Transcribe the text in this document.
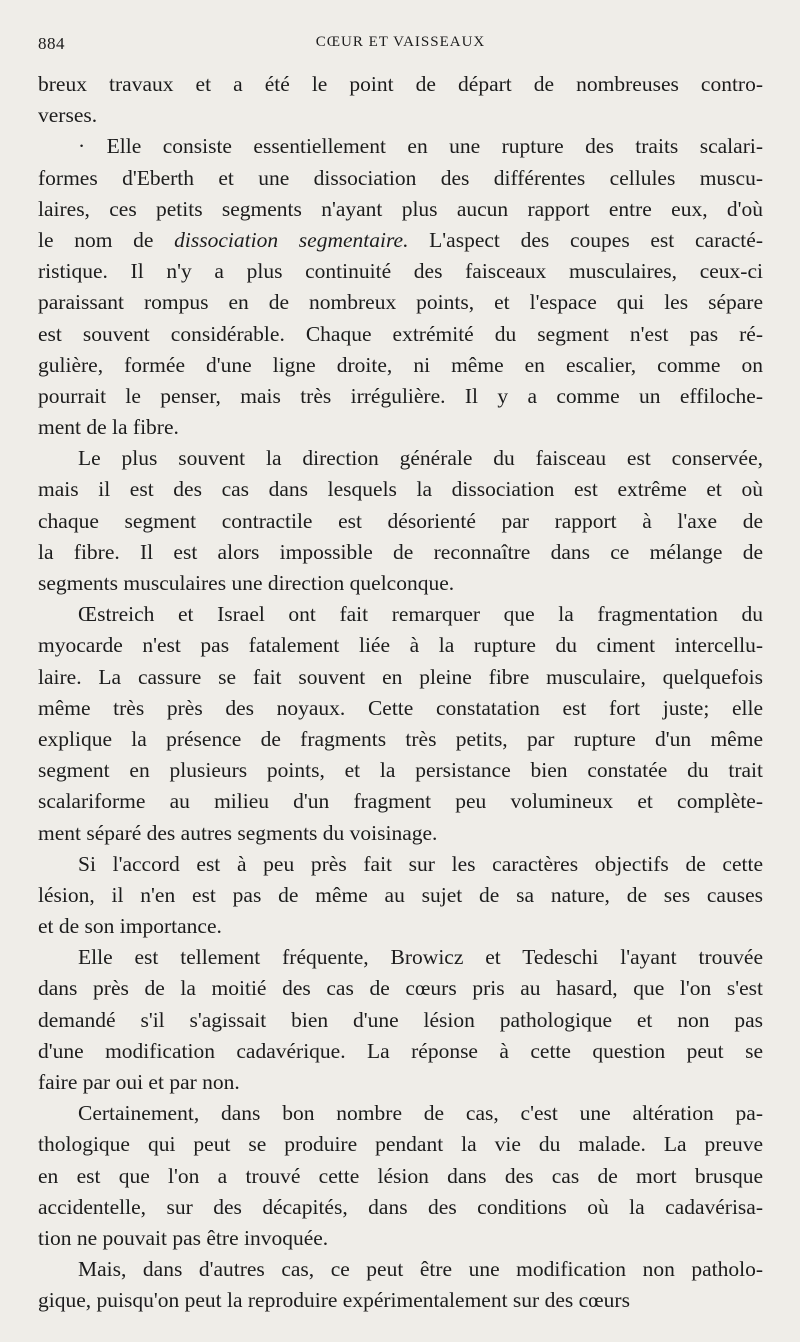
884	CŒUR ET VAISSEAUX
breux travaux et a été le point de départ de nombreuses contro-
verses.
· Elle consiste essentiellement en une rupture des traits scalari-
formes d'Eberth et une dissociation des différentes cellules muscu-
laires, ces petits segments n'ayant plus aucun rapport entre eux, d'où
le nom de dissociation segmentaire. L'aspect des coupes est caracté-
ristique. Il n'y a plus continuité des faisceaux musculaires, ceux-ci
paraissant rompus en de nombreux points, et l'espace qui les sépare
est souvent considérable. Chaque extrémité du segment n'est pas ré-
gulière, formée d'une ligne droite, ni même en escalier, comme on
pourrait le penser, mais très irrégulière. Il y a comme un effiloche-
ment de la fibre.
Le plus souvent la direction générale du faisceau est conservée,
mais il est des cas dans lesquels la dissociation est extrême et où
chaque segment contractile est désorienté par rapport à l'axe de
la fibre. Il est alors impossible de reconnaître dans ce mélange de
segments musculaires une direction quelconque.
Œstreich et Israel ont fait remarquer que la fragmentation du
myocarde n'est pas fatalement liée à la rupture du ciment intercellu-
laire. La cassure se fait souvent en pleine fibre musculaire, quelquefois
même très près des noyaux. Cette constatation est fort juste; elle
explique la présence de fragments très petits, par rupture d'un même
segment en plusieurs points, et la persistance bien constatée du trait
scalariforme au milieu d'un fragment peu volumineux et complète-
ment séparé des autres segments du voisinage.
Si l'accord est à peu près fait sur les caractères objectifs de cette
lésion, il n'en est pas de même au sujet de sa nature, de ses causes
et de son importance.
Elle est tellement fréquente, Browicz et Tedeschi l'ayant trouvée
dans près de la moitié des cas de cœurs pris au hasard, que l'on s'est
demandé s'il s'agissait bien d'une lésion pathologique et non pas
d'une modification cadavérique. La réponse à cette question peut se
faire par oui et par non.
Certainement, dans bon nombre de cas, c'est une altération pa-
thologique qui peut se produire pendant la vie du malade. La preuve
en est que l'on a trouvé cette lésion dans des cas de mort brusque
accidentelle, sur des décapités, dans des conditions où la cadavérisa-
tion ne pouvait pas être invoquée.
Mais, dans d'autres cas, ce peut être une modification non patholo-
gique, puisqu'on peut la reproduire expérimentalement sur des cœurs
